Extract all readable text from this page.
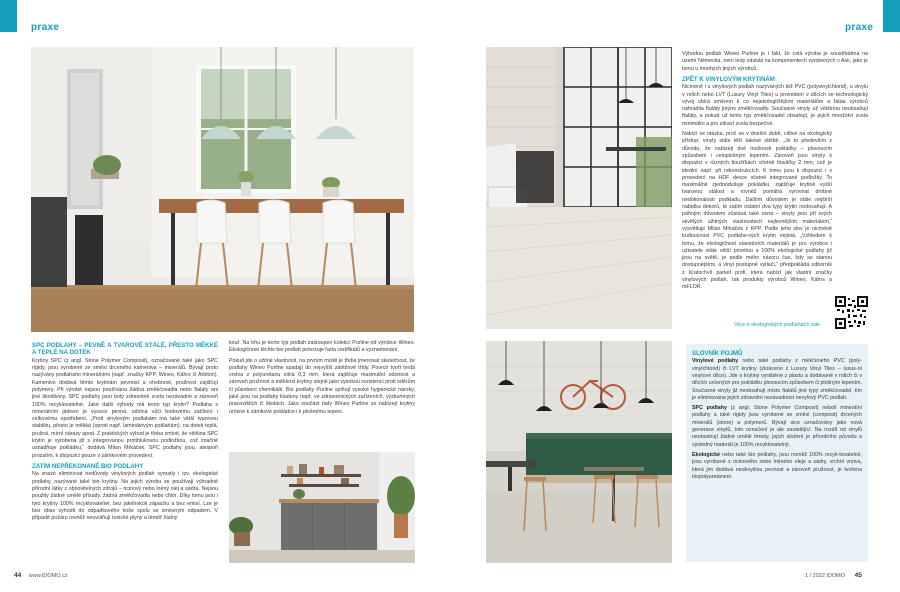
praxe	praxe
SPC PODLAHY – PEVNĚ A TVAROVĚ STÁLÉ, PŘESTO MĚKKÉ A TEPLÉ NA DOTEK

Krytiny SPC (z angl. Stone Polymer Composit), označované také jako SPC rigidy, jsou vyrobené ze směsi drceného kameniva – minerálů. Bývají proto nazývány podlahami minerálními (např. značky KPP, Wineo, Kährs či Arbiton). Kamenivo dodává těmto krytinám pevnost a ohebnost, pružnost zajišťují polymery. Při výrobě nejsou používána žádná změkčovadla nebo ftaláty ani jiné škodliviny. SPC podlahy jsou tedy zdravotně zcela nezávadné a zároveň 100% recyklovatelné. Jaké další výhody má tento typ krytin? Podlaha s minerálním jádrem je vysoce pevná, odolná vůči bodovému zatížení i celkovému opotřebení. „Proti vinylovým podlahám má také větší tvarovou stabilitu, přesto je měkká (oproti např. laminátovým podlahám), na dotek teplá, pružná, mírní nárazy apod. Z praktických výhod je třeba zmínit, že většina SPC krytin je vyrobena již s integrovanou protihlukovou podložkou, což značně usnadňuje pokládku,“ dodává Milan Mrkáček. SPC podlahy jsou, alespoň prozatím, k dispozici pouze v zámkovém provedení.

ZATÍM NEPŘEKONANÉ BIO PODLAHY

Na snaze eliminovat nedůvody vinylových podlah vyrostly i tzv. ekologické podlahy, nazývané také bio krytiny. Na jejich výrobu se používají výhradně přírodní látky z obnovitelných zdrojů – ricinový nebo lněný olej a sádra. Nejsou použity žádné umělé přísady, žádná změkčovadla nebo chlór. Díky tomu jsou i tyto krytiny 100% recyklovatelné, bez jakéhokoli zápachu a bez emisí. Lze je bez obav vyhodit do odpadkového koše spolu se směsným odpadem. V případě požáru rovněž neuvolňují toxické plyny a téměř žádný

kouř. Na trhu je tento typ podlah zastoupen kolekcí Purline od výrobce Wineo. Ekologičnost těchto bio podlah potvrzuje řada certifikátů a vyznamenání.

Pokud jde o užitné vlastnosti, na prvním místě je třeba jmenovat skutečnost, že podlahy Wineo Purline spadají do nejvyšší zátěžové třídy. Povrch tvoří tvrdá vrstva z polyuretanu silná 0,3 mm, která zajišťuje maximální odolnost a zároveň pružnost a měkkost krytiny stejně jako vysokou rezistenci proti oděrům či působení chemikálií. Bio podlahy Purline splňují vysoké hygienické nároky, jaké jsou na podlahy kladeny např. ve zdravotnických zařízeních, výzkumných pracovištích či školách. Jako součást řady Wineo Purline se nabízejí krytiny určené k zámkové pokládce i k plošnému lepení.

Výhodou podlah Wineo Purline je i fakt, že celá výroba je soustředěna na území Německa, není tedy závislá na komponentech vyrobených v Asii, jako je tomu u mnohých jiných výrobců.

ZPĚT K VINYLOVÝM KRYTINÁM

Nicméně i u vinylových podlah nazývaných též PVC (polyvinylchlorid), u vinylu v rolích nebo LVT (Luxury Vinyl Tiles) u provedení v dílcích se technologický vývoj ubírá směrem k co nejekologičtějším materiálům a fatáa výrobců náhradila ftaláty jinými změkčovadly. Současné vinyly už většinou neobsahují ftaláty, a pokud už tento typ změkčovadel obsahují, je jejich množství zcela minimální a pro zdraví zcela bezpečné.

Nabízí se otázka, proč se v dnešní době, citlivé na ekologický přístup, vinyly stále těší takové oblibě. „Je to především z důvodu, že nabízejí dvě možnosti pokládky – plovoucím způsobem i celoplošným lepením. Zároveň jsou vinyly k dispozici v různých tloušťkách včetně tloušťky 2 mm, což je ideální např. při rekonstrukcích. K tomu jsou k dispozici i v provedení na HDF desce včetně integrované podložky. To maximálně zjednodušuje pokládku, zajišťuje krytině vyšší tvarovou stálost a rovněž pomáhá vyrovnat drobné nedokonalosti podkladu. Dalším důvodem je stále nejširší nabídka dekorů, té zatím ostatní dva typy krytin nedosahují. A páňným důvodem zůstává také cena – vinyly jsou při svých skvělých užitných vlastnostech nejlevnějším materiálem,“ vysvětluje Milan Mrkáček z KPP. Podle jeho slov je nicméně budoucnost PVC podlaho-vých krytin nejistá. „Vzhledem k tomu, že ekologičnost stavebních materiálů je pro výrobce i uživatele stále větší prioritou a 100% ekologické podlahy již jsou na světě, je podle mého názoru čas, kdy se stanou dostupnějšími, a vinyl postupně vytlačí,“ předpokládá odborník z Kratochvíl parket profi, která nabízí jak vlastní značky vinylových podlah, tak produkty výrobců Wineo, Kährs a mFLOR.

Více o ekologických podlahách zde
SLOVNÍK POJMŮ

Vinylové podlahy nebo také podlahy z měkčeného PVC (poly-vinylchlorid) či LVT krytiny (zkráceno z Luxury Vinyl Tiles – luxus-ní vinylové dílce). Jde o krytiny vyráběné z plastu a dodávané v rolích či v dílcích určených pro pokládku plovoucím způsobem či plošným lepením. Současné vinyly již neobsahují místo ftalátů jiné typy změkčovadel, tím je eliminována jejich zdravotní nezávadnost nevylový PVC podlah.

SPC podlahy (z angl. Stone Polymer Composit) neboli minerální podlahy a také rigidy jsou vyrobené ze směsi (composit) drcených minerálů (stone) a polymerů. Bývají sice označovány jako nová generace vinylů, toto označení je ale zavádějící. Na rozdíl od vinylů neobsahují žádné umělé hmoty, jejich složení je přírodního původu a výsledný materiál je 100% recyklovatelný.

Ekologické nebo také bio podlahy, jsou rovněž 100% recyk-lovatelné, jsou vyrobené z ricinového nebo lněného oleje a sádry, vrchní vrstva, která jim dodává neobvyklou pevnost a zároveň pružnost, je tvořena biopolyuretanem.

44 www.IDOMO.cz	1 / 2022 IDOMO 45
